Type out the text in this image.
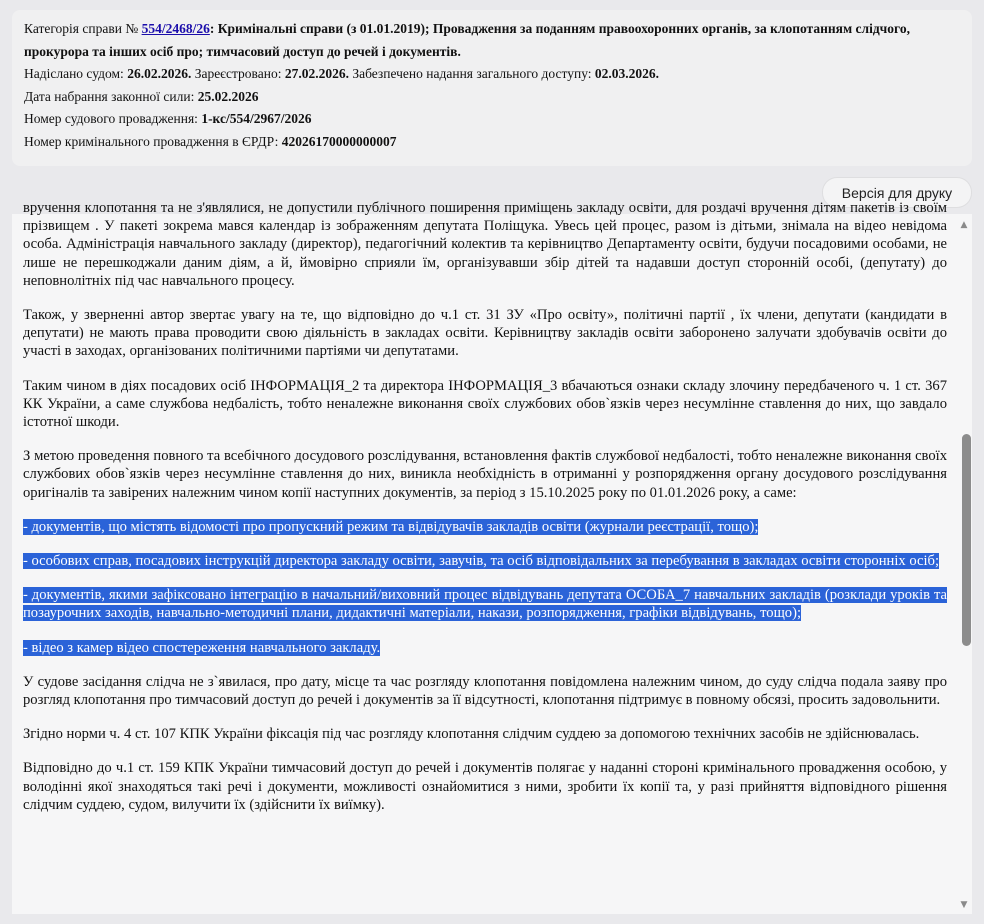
Категорія справи № 554/2468/26: Кримінальні справи (з 01.01.2019); Провадження за поданням правоохоронних органів, за клопотанням слідчого,
прокурора та інших осіб про; тимчасовий доступ до речей і документів.
Надіслано судом: 26.02.2026. Зареєстровано: 27.02.2026. Забезпечено надання загального доступу: 02.03.2026.
Дата набрання законної сили: 25.02.2026
Номер судового провадження: 1-кс/554/2967/2026
Номер кримінального провадження в ЄРДР: 42026170000000007
Версія для друку

вручення клопотання та не з'являлися, не допустили публічного поширення приміщень закладу освіти, для роздачі вручення дітям пакетів із своїм прізвищем . У пакеті зокрема мався календар із зображенням депутата Поліщука. Увесь цей процес, разом із дітьми, знімала на відео невідома особа. Адміністрація навчального закладу (директор), педагогічний колектив та керівництво Департаменту освіти, будучи посадовими особами, не лише не перешкоджали даним діям, а й, ймовірно сприяли їм, організувавши збір дітей та надавши доступ сторонній особі, (депутату) до неповнолітніх під час навчального процесу.

Також, у зверненні автор звертає увагу на те, що відповідно до ч.1 ст. 31 ЗУ «Про освіту», політичні партії , їх члени, депутати (кандидати в депутати) не мають права проводити свою діяльність в закладах освіти. Керівництву закладів освіти заборонено залучати здобувачів освіти до участі в заходах, організованих політичними партіями чи депутатами.

Таким чином в діях посадових осіб ІНФОРМАЦІЯ_2 та директора ІНФОРМАЦІЯ_3 вбачаються ознаки складу злочину передбаченого ч. 1 ст. 367 КК України, а саме службова недбалість, тобто неналежне виконання своїх службових обов`язків через несумлінне ставлення до них, що завдало істотної шкоди.

З метою проведення повного та всебічного досудового розслідування, встановлення фактів службової недбалості, тобто неналежне виконання своїх службових обов`язків через несумлінне ставлення до них, виникла необхідність в отриманні у розпорядження органу досудового розслідування оригіналів та завірених належним чином копії наступних документів, за період з 15.10.2025 року по 01.01.2026 року, а саме:

- документів, що містять відомості про пропускний режим та відвідувачів закладів освіти (журнали реєстрації, тощо);

- особових справ, посадових інструкцій директора закладу освіти, завучів, та осіб відповідальних за перебування в закладах освіти сторонніх осіб;

- документів, якими зафіксовано інтеграцію в начальний/виховний процес відвідувань депутата ОСОБА_7 навчальних закладів (розклади уроків та позаурочних заходів, навчально-методичні плани, дидактичні матеріали, накази, розпорядження, графіки відвідувань, тощо);

- відео з камер відео спостереження навчального закладу.

У судове засідання слідча не з`явилася, про дату, місце та час розгляду клопотання повідомлена належним чином, до суду слідча подала заяву про розгляд клопотання про тимчасовий доступ до речей і документів за її відсутності, клопотання підтримує в повному обсязі, просить задовольнити.

Згідно норми ч. 4 ст. 107 КПК України фіксація під час розгляду клопотання слідчим суддею за допомогою технічних засобів не здійснювалась.

Відповідно до ч.1 ст. 159 КПК України тимчасовий доступ до речей і документів полягає у наданні стороні кримінального провадження особою, у володінні якої знаходяться такі речі і документи, можливості ознайомитися з ними, зробити їх копії та, у разі прийняття відповідного рішення слідчим суддею, судом, вилучити їх (здійснити їх виїмку).

▲
▼
